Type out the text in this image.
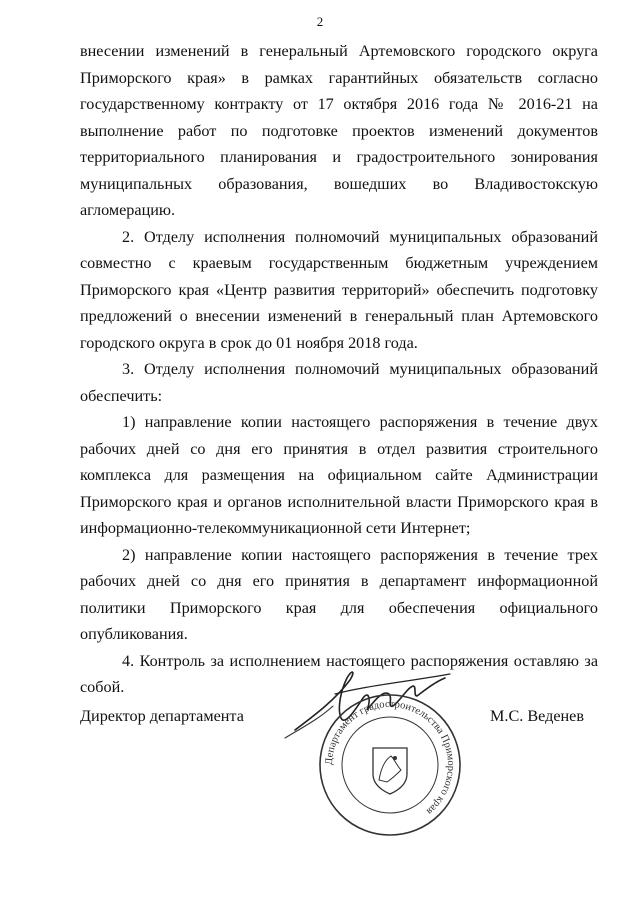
2

внесении изменений в генеральный Артемовского городского округа Приморского края» в рамках гарантийных обязательств согласно государственному контракту от 17 октября 2016 года № 2016-21 на выполнение работ по подготовке проектов изменений документов территориального планирования и градостроительного зонирования муниципальных образования, вошедших во Владивостокскую агломерацию.

2. Отделу исполнения полномочий муниципальных образований совместно с краевым государственным бюджетным учреждением Приморского края «Центр развития территорий» обеспечить подготовку предложений о внесении изменений в генеральный план Артемовского городского округа в срок до 01 ноября 2018 года.

3. Отделу исполнения полномочий муниципальных образований обеспечить:

1) направление копии настоящего распоряжения в течение двух рабочих дней со дня его принятия в отдел развития строительного комплекса для размещения на официальном сайте Администрации Приморского края и органов исполнительной власти Приморского края в информационно-телекоммуникационной сети Интернет;

2) направление копии настоящего распоряжения в течение трех рабочих дней со дня его принятия в департамент информационной политики Приморского края для обеспечения официального опубликования.

4. Контроль за исполнением настоящего распоряжения оставляю за собой.

Директор департамента	М.С. Веденев
Департамент градостроительства Приморского края
